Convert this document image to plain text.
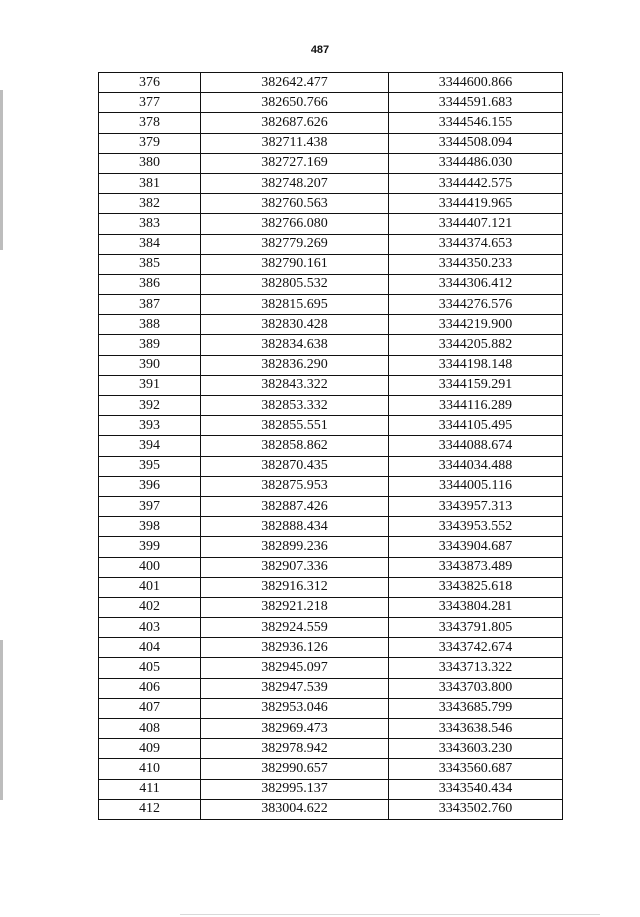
487
376	382642.477	3344600.866
377	382650.766	3344591.683
378	382687.626	3344546.155
379	382711.438	3344508.094
380	382727.169	3344486.030
381	382748.207	3344442.575
382	382760.563	3344419.965
383	382766.080	3344407.121
384	382779.269	3344374.653
385	382790.161	3344350.233
386	382805.532	3344306.412
387	382815.695	3344276.576
388	382830.428	3344219.900
389	382834.638	3344205.882
390	382836.290	3344198.148
391	382843.322	3344159.291
392	382853.332	3344116.289
393	382855.551	3344105.495
394	382858.862	3344088.674
395	382870.435	3344034.488
396	382875.953	3344005.116
397	382887.426	3343957.313
398	382888.434	3343953.552
399	382899.236	3343904.687
400	382907.336	3343873.489
401	382916.312	3343825.618
402	382921.218	3343804.281
403	382924.559	3343791.805
404	382936.126	3343742.674
405	382945.097	3343713.322
406	382947.539	3343703.800
407	382953.046	3343685.799
408	382969.473	3343638.546
409	382978.942	3343603.230
410	382990.657	3343560.687
411	382995.137	3343540.434
412	383004.622	3343502.760
